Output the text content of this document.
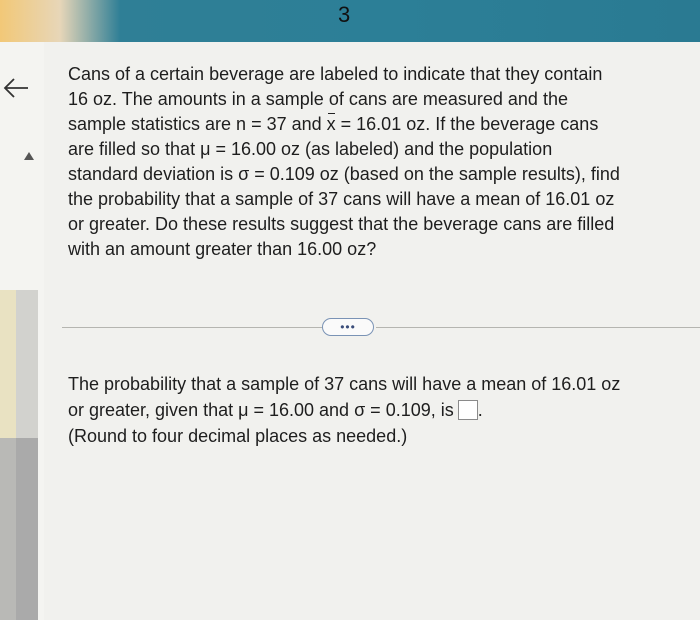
3
Cans of a certain beverage are labeled to indicate that they contain
16 oz. The amounts in a sample of cans are measured and the
sample statistics are n = 37 and x = 16.01 oz. If the beverage cans
are filled so that μ = 16.00 oz (as labeled) and the population
standard deviation is σ = 0.109 oz (based on the sample results), find
the probability that a sample of 37 cans will have a mean of 16.01 oz
or greater. Do these results suggest that the beverage cans are filled
with an amount greater than 16.00 oz?
•••
The probability that a sample of 37 cans will have a mean of 16.01 oz
or greater, given that μ = 16.00 and σ = 0.109, is .
(Round to four decimal places as needed.)
